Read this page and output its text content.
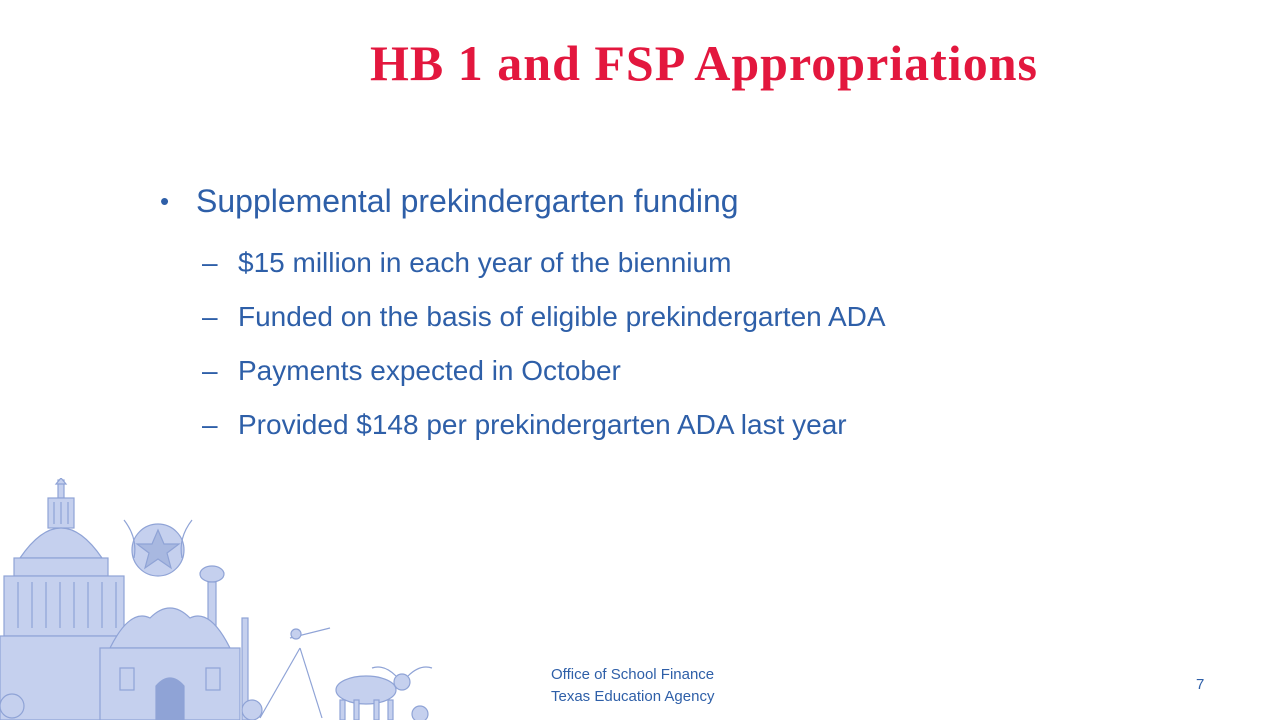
HB 1 and FSP Appropriations
• Supplemental prekindergarten funding
– $15 million in each year of the biennium
– Funded on the basis of eligible prekindergarten ADA
– Payments expected in October
– Provided $148 per prekindergarten ADA last year
Office of School Finance
Texas Education Agency
7
